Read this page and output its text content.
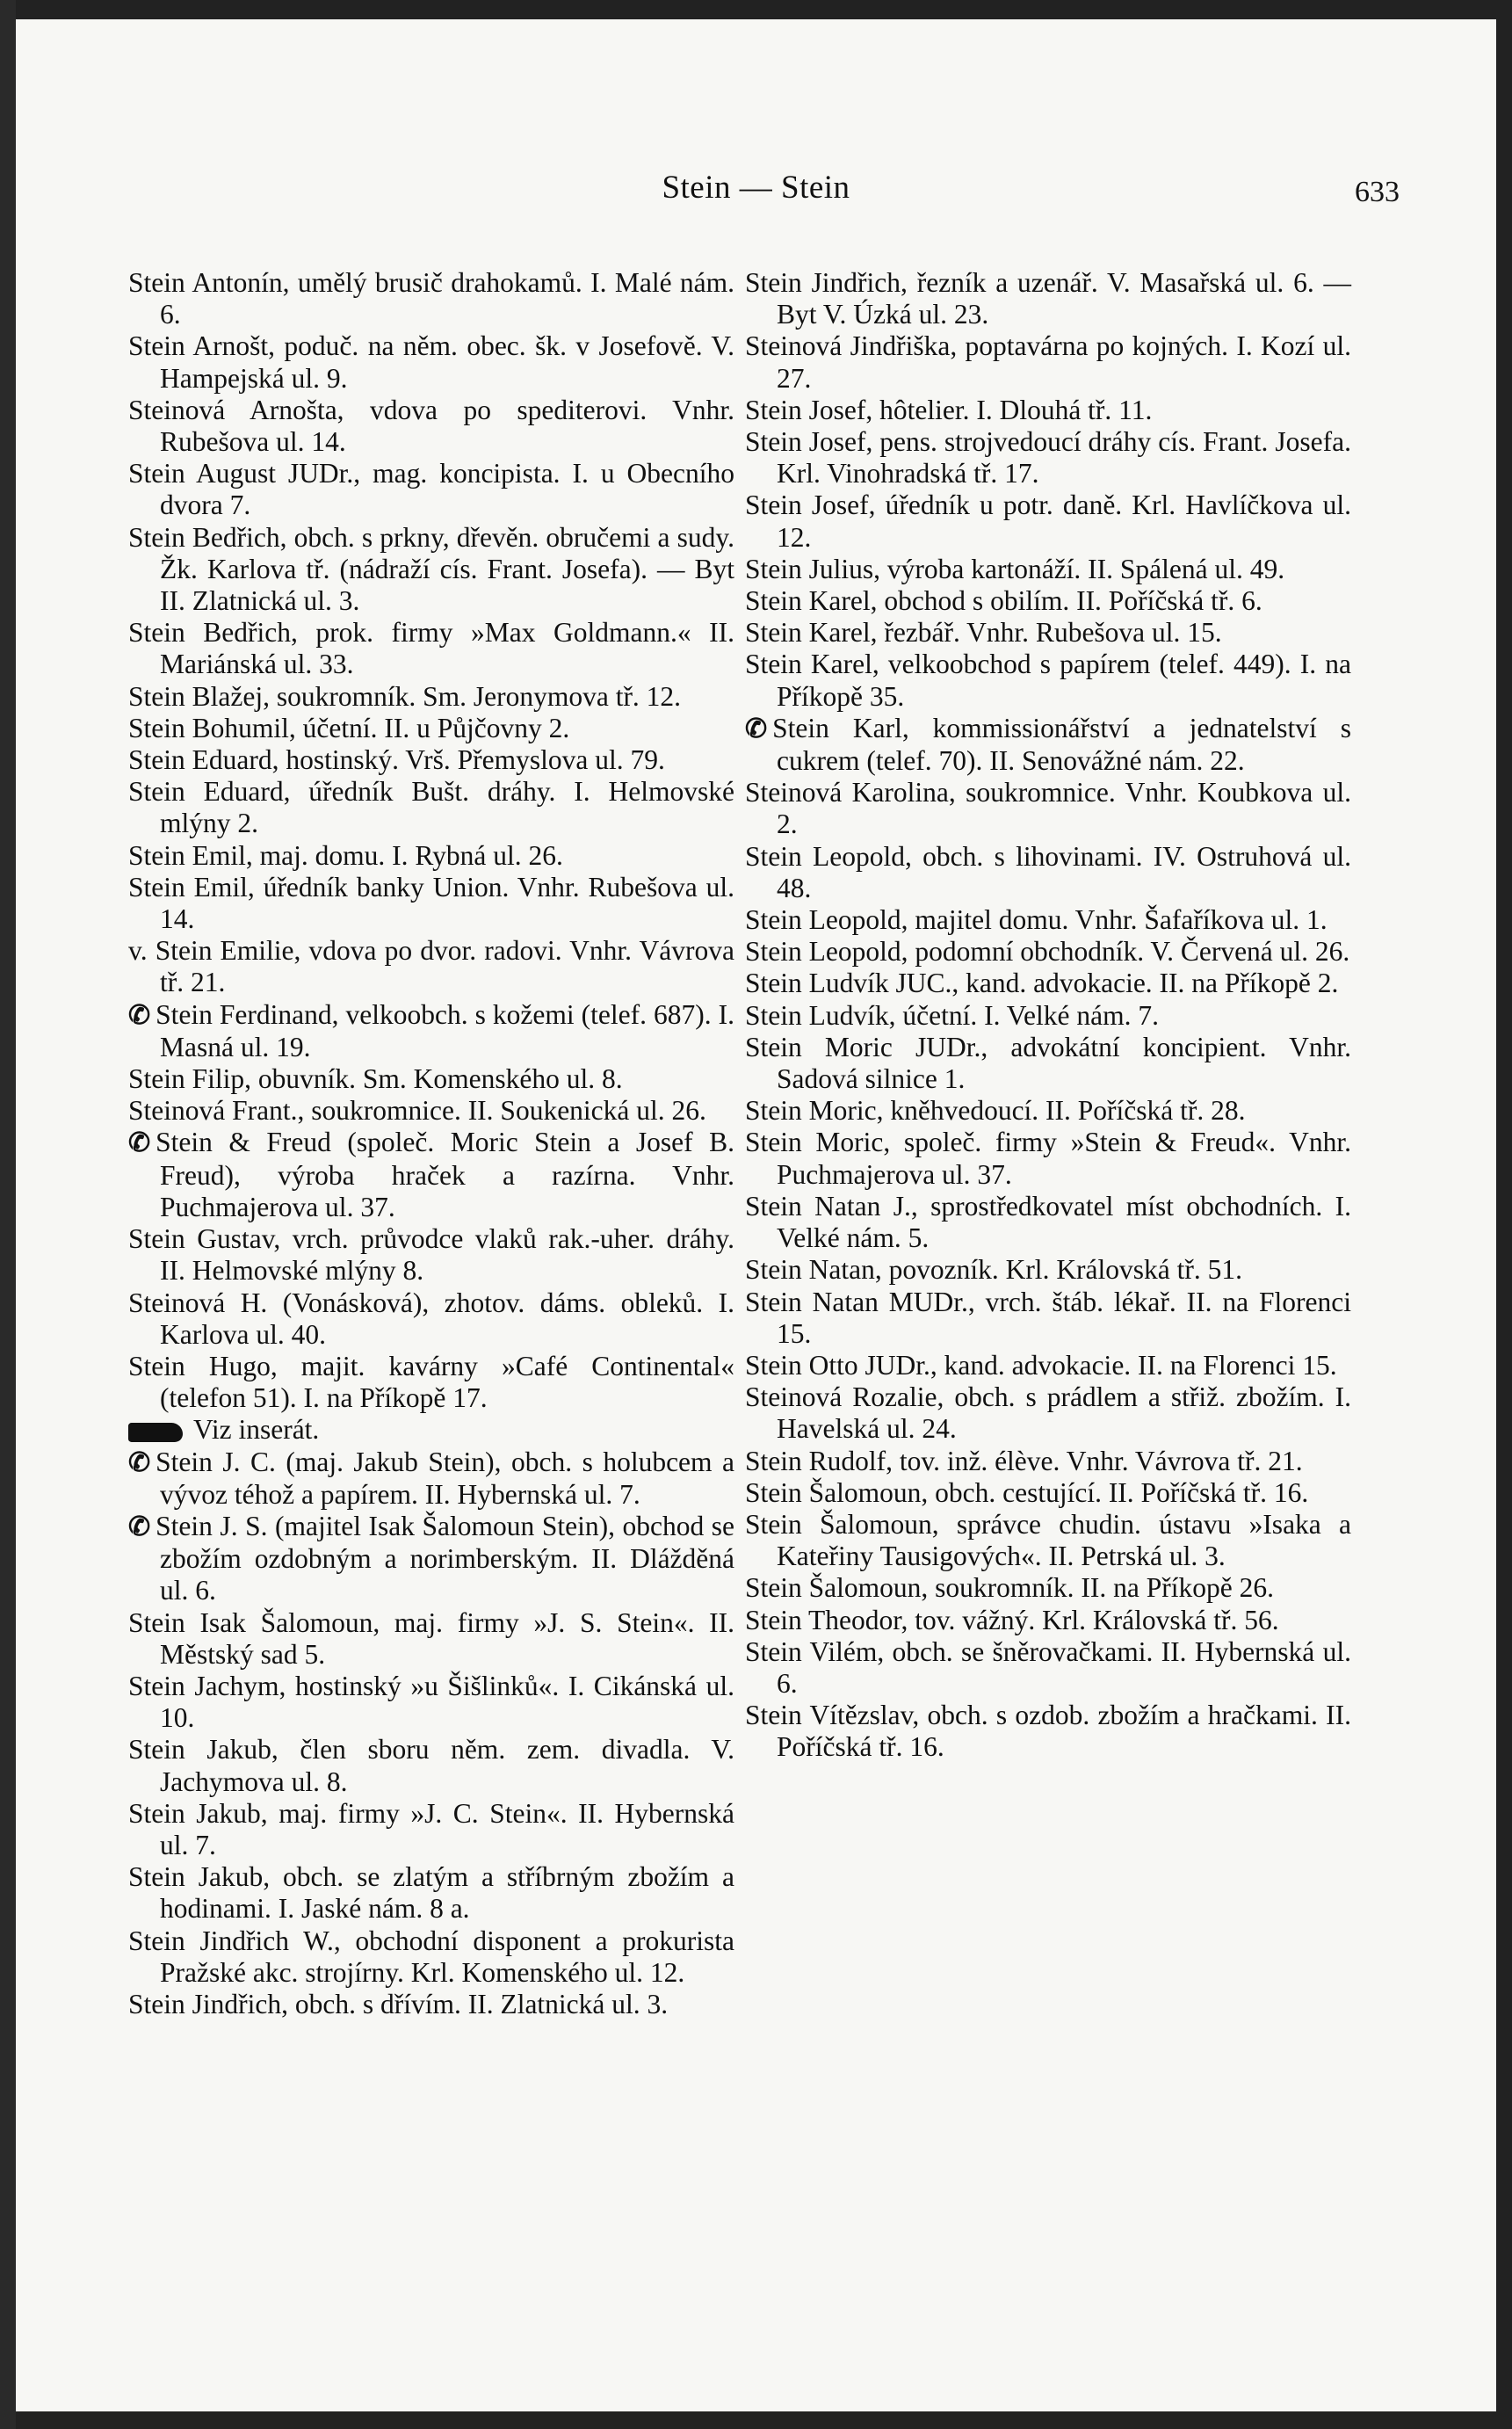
Stein — Stein	633

Stein Antonín, umělý brusič drahokamů. I. Malé nám. 6.

Stein Arnošt, poduč. na něm. obec. šk. v Josefově. V. Hampejská ul. 9.

Steinová Arnošta, vdova po spediterovi. Vnhr. Rubešova ul. 14.

Stein August JUDr., mag. koncipista. I. u Obecního dvora 7.

Stein Bedřich, obch. s prkny, dřevěn. obručemi a sudy. Žk. Karlova tř. (nádraží cís. Frant. Josefa). — Byt II. Zlatnická ul. 3.

Stein Bedřich, prok. firmy »Max Goldmann.« II. Mariánská ul. 33.

Stein Blažej, soukromník. Sm. Jeronymova tř. 12.

Stein Bohumil, účetní. II. u Půjčovny 2.

Stein Eduard, hostinský. Vrš. Přemyslova ul. 79.

Stein Eduard, úředník Bušt. dráhy. I. Helmovské mlýny 2.

Stein Emil, maj. domu. I. Rybná ul. 26.

Stein Emil, úředník banky Union. Vnhr. Rubešova ul. 14.

v. Stein Emilie, vdova po dvor. radovi. Vnhr. Vávrova tř. 21.

✆ Stein Ferdinand, velkoobch. s kožemi (telef. 687). I. Masná ul. 19.

Stein Filip, obuvník. Sm. Komenského ul. 8.

Steinová Frant., soukromnice. II. Soukenická ul. 26.

✆ Stein & Freud (společ. Moric Stein a Josef B. Freud), výroba hraček a razírna. Vnhr. Puchmajerova ul. 37.

Stein Gustav, vrch. průvodce vlaků rak.-uher. dráhy. II. Helmovské mlýny 8.

Steinová H. (Vonásková), zhotov. dáms. obleků. I. Karlova ul. 40.

Stein Hugo, majit. kavárny »Café Continental« (telefon 51). I. na Příkopě 17.

Viz inserát.

✆ Stein J. C. (maj. Jakub Stein), obch. s holubcem a vývoz téhož a papírem. II. Hybernská ul. 7.

✆ Stein J. S. (majitel Isak Šalomoun Stein), obchod se zbožím ozdobným a norimberským. II. Dlážděná ul. 6.

Stein Isak Šalomoun, maj. firmy »J. S. Stein«. II. Městský sad 5.

Stein Jachym, hostinský »u Šišlinků«. I. Cikánská ul. 10.

Stein Jakub, člen sboru něm. zem. divadla. V. Jachymova ul. 8.

Stein Jakub, maj. firmy »J. C. Stein«. II. Hybernská ul. 7.

Stein Jakub, obch. se zlatým a stříbrným zbožím a hodinami. I. Jaské nám. 8 a.

Stein Jindřich W., obchodní disponent a prokurista Pražské akc. strojírny. Krl. Komenského ul. 12.

Stein Jindřich, obch. s dřívím. II. Zlatnická ul. 3.

Stein Jindřich, řezník a uzenář. V. Masařská ul. 6. — Byt V. Úzká ul. 23.

Steinová Jindřiška, poptavárna po kojných. I. Kozí ul. 27.

Stein Josef, hôtelier. I. Dlouhá tř. 11.

Stein Josef, pens. strojvedoucí dráhy cís. Frant. Josefa. Krl. Vinohradská tř. 17.

Stein Josef, úředník u potr. daně. Krl. Havlíčkova ul. 12.

Stein Julius, výroba kartonáží. II. Spálená ul. 49.

Stein Karel, obchod s obilím. II. Poříčská tř. 6.

Stein Karel, řezbář. Vnhr. Rubešova ul. 15.

Stein Karel, velkoobchod s papírem (telef. 449). I. na Příkopě 35.

✆ Stein Karl, kommissionářství a jednatelství s cukrem (telef. 70). II. Senovážné nám. 22.

Steinová Karolina, soukromnice. Vnhr. Koubkova ul. 2.

Stein Leopold, obch. s lihovinami. IV. Ostruhová ul. 48.

Stein Leopold, majitel domu. Vnhr. Šafaříkova ul. 1.

Stein Leopold, podomní obchodník. V. Červená ul. 26.

Stein Ludvík JUC., kand. advokacie. II. na Příkopě 2.

Stein Ludvík, účetní. I. Velké nám. 7.

Stein Moric JUDr., advokátní koncipient. Vnhr. Sadová silnice 1.

Stein Moric, kněhvedoucí. II. Poříčská tř. 28.

Stein Moric, společ. firmy »Stein & Freud«. Vnhr. Puchmajerova ul. 37.

Stein Natan J., sprostředkovatel míst obchodních. I. Velké nám. 5.

Stein Natan, povozník. Krl. Královská tř. 51.

Stein Natan MUDr., vrch. štáb. lékař. II. na Florenci 15.

Stein Otto JUDr., kand. advokacie. II. na Florenci 15.

Steinová Rozalie, obch. s prádlem a střiž. zbožím. I. Havelská ul. 24.

Stein Rudolf, tov. inž. élève. Vnhr. Vávrova tř. 21.

Stein Šalomoun, obch. cestující. II. Poříčská tř. 16.

Stein Šalomoun, správce chudin. ústavu »Isaka a Kateřiny Tausigových«. II. Petrská ul. 3.

Stein Šalomoun, soukromník. II. na Příkopě 26.

Stein Theodor, tov. vážný. Krl. Královská tř. 56.

Stein Vilém, obch. se šněrovačkami. II. Hybernská ul. 6.

Stein Vítězslav, obch. s ozdob. zbožím a hračkami. II. Poříčská tř. 16.
